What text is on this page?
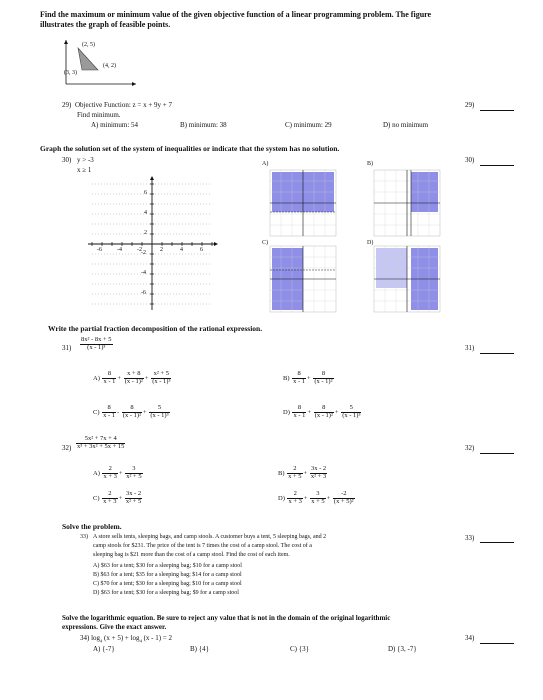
Find the maximum or minimum value of the given objective function of a linear programming problem. The figure
illustrates the graph of feasible points.
(2, 5)
(4, 2)
(3, 3)
29) Objective Function: z = x + 9y + 7
Find minimum.
A) minimum: 54	B) minimum: 38	C) minimum: 29	D) no minimum
29)
Graph the solution set of the system of inequalities or indicate that the system has no solution.
30) y > -3
x ≥ 1
30)
-6	-4	-2	2	4	6
6
4
2
-2
-4
-6
A)	B)
C)	D)
Write the partial fraction decomposition of the rational expression.
$31) \frac{\text{8x² - 8x + 5}}{\text{(x - 1)³}}$	31)
$A) \frac{8}{x - 1} + \frac{x + 8}{\text{(x - 1)²}} + \frac{\text{x² + 5}}{\text{(x - 1)³}}$	$B) \frac{8}{x - 1} + \frac{8}{\text{(x - 1)²}}$
$C) \frac{8}{x - 1} - \frac{8}{\text{(x - 1)²}} + \frac{5}{\text{(x - 1)³}}$	$D) \frac{8}{x - 1} + \frac{8}{\text{(x - 1)²}} + \frac{5}{\text{(x - 1)³}}$
$32) \frac{\text{5x² + 7x + 4}}{\text{x³ + 3x² + 5x + 15}}$	32)
$A) \frac{2}{x + 3} + \frac{3}{\text{x² + 5}}$	$B) \frac{2}{x + 5} + \frac{3x - 2}{\text{x² + 3}}$
$C) \frac{2}{x + 3} + \frac{3x - 2}{\text{x² + 5}}$	$D) \frac{2}{x + 3} + \frac{3}{x + 5} + \frac{-2}{\text{(x + 5)²}}$
Solve the problem.
33) A store sells tents, sleeping bags, and camp stools. A customer buys a tent, 5 sleeping bags, and 2
camp stools for $231. The price of the tent is 7 times the cost of a camp stool. The cost of a
sleeping bag is $21 more than the cost of a camp stool. Find the cost of each item.
A) $63 for a tent; $30 for a sleeping bag; $10 for a camp stool
B) $63 for a tent; $35 for a sleeping bag; $14 for a camp stool
C) $70 for a tent; $30 for a sleeping bag; $10 for a camp stool
D) $63 for a tent; $30 for a sleeping bag; $9 for a camp stool
33)
Solve the logarithmic equation. Be sure to reject any value that is not in the domain of the original logarithmic
expressions. Give the exact answer.
34) $\log_4 (x + 5) + \log_4 (x - 1) = 2$
A) {-7}	B) {4}	C) {3}	D) {3, -7}
34)
